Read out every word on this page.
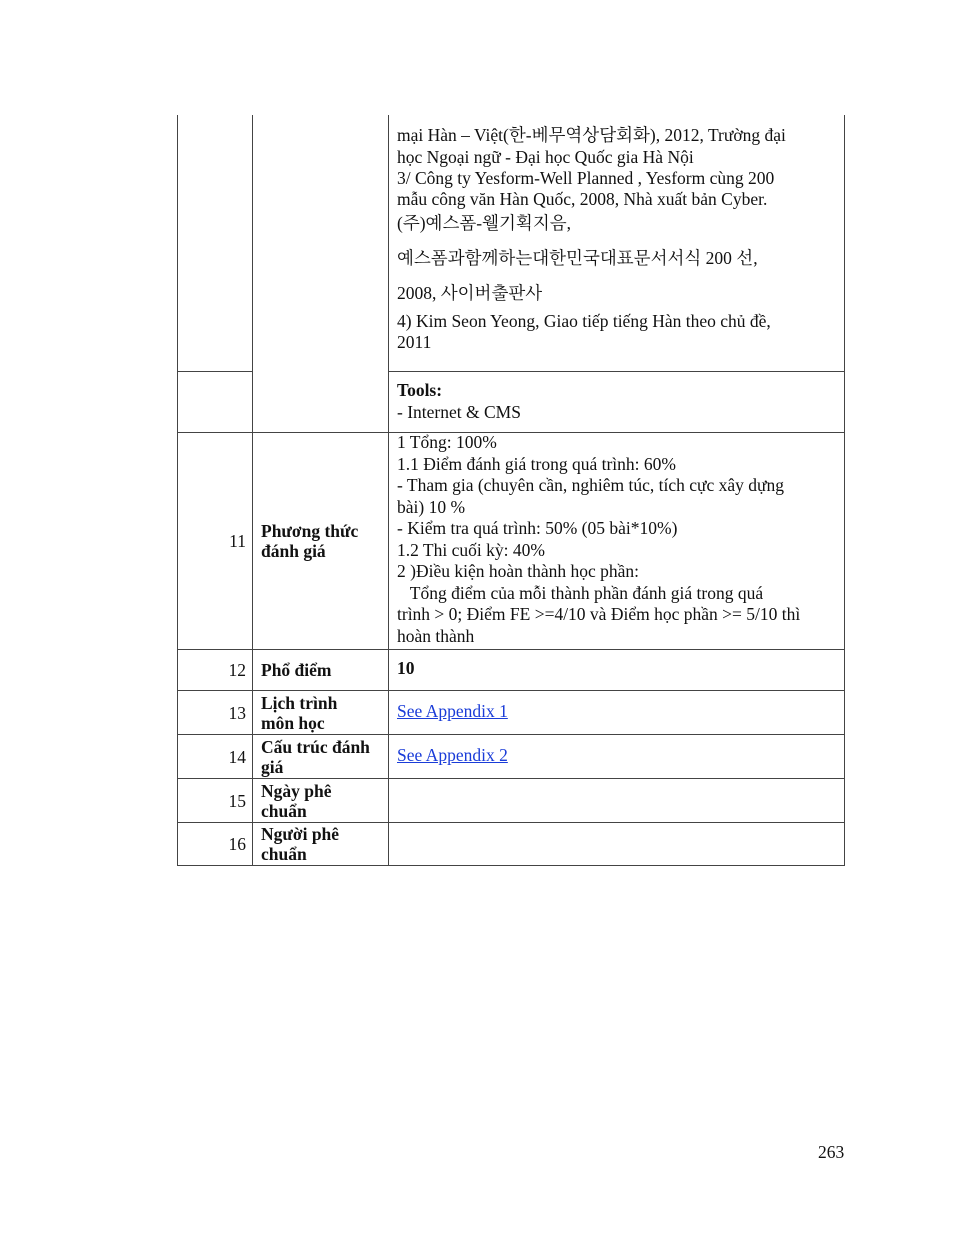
mại Hàn – Việt(한-베무역상담회화), 2012, Trường đại
học Ngoại ngữ - Đại học Quốc gia Hà Nội
3/ Công ty Yesform-Well Planned , Yesform cùng 200
mẫu công văn Hàn Quốc, 2008, Nhà xuất bản Cyber.
(주)예스폼-웰기획지음,
예스폼과함께하는대한민국대표문서서식 200 선,
2008, 사이버출판사
4) Kim Seon Yeong, Giao tiếp tiếng Hàn theo chủ đề,
2011
Tools:
- Internet & CMS
263
11 Phương thức
đánh giá
1 Tổng: 100%
1.1 Điểm đánh giá trong quá trình: 60%
- Tham gia (chuyên cần, nghiêm túc, tích cực xây dựng
bài) 10 %
- Kiểm tra quá trình: 50% (05 bài*10%)
1.2 Thi cuối kỳ: 40%
2 )Điều kiện hoàn thành học phần:
Tổng điểm của mỗi thành phần đánh giá trong quá
trình > 0; Điểm FE >=4/10 và Điểm học phần >= 5/10 thì
hoàn thành
12 Phổ điểm	10
13 Lịch trình
môn học
See Appendix 1
14 Cấu trúc đánh
giá
See Appendix 2
15 Ngày phê
chuẩn
16 Người phê
chuẩn
